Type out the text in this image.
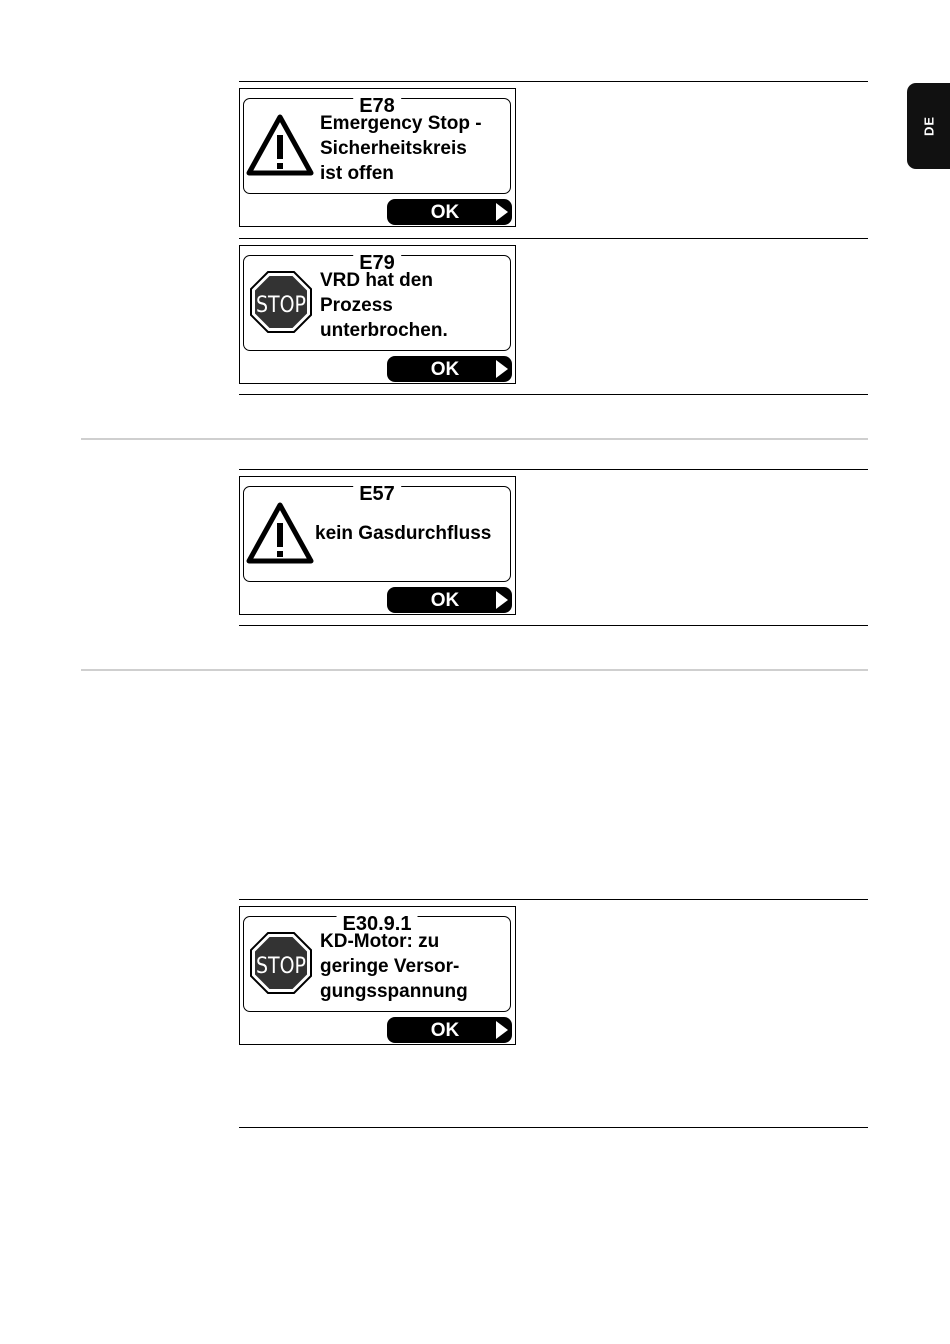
DE
E78
Emergency Stop -
Sicherheitskreis
ist offen
OK
E79
STOP
VRD hat den
Prozess
unterbrochen.
OK
E57
kein Gasdurchfluss
OK
E30.9.1
STOP
KD-Motor: zu
geringe Versor-
gungsspannung
OK
